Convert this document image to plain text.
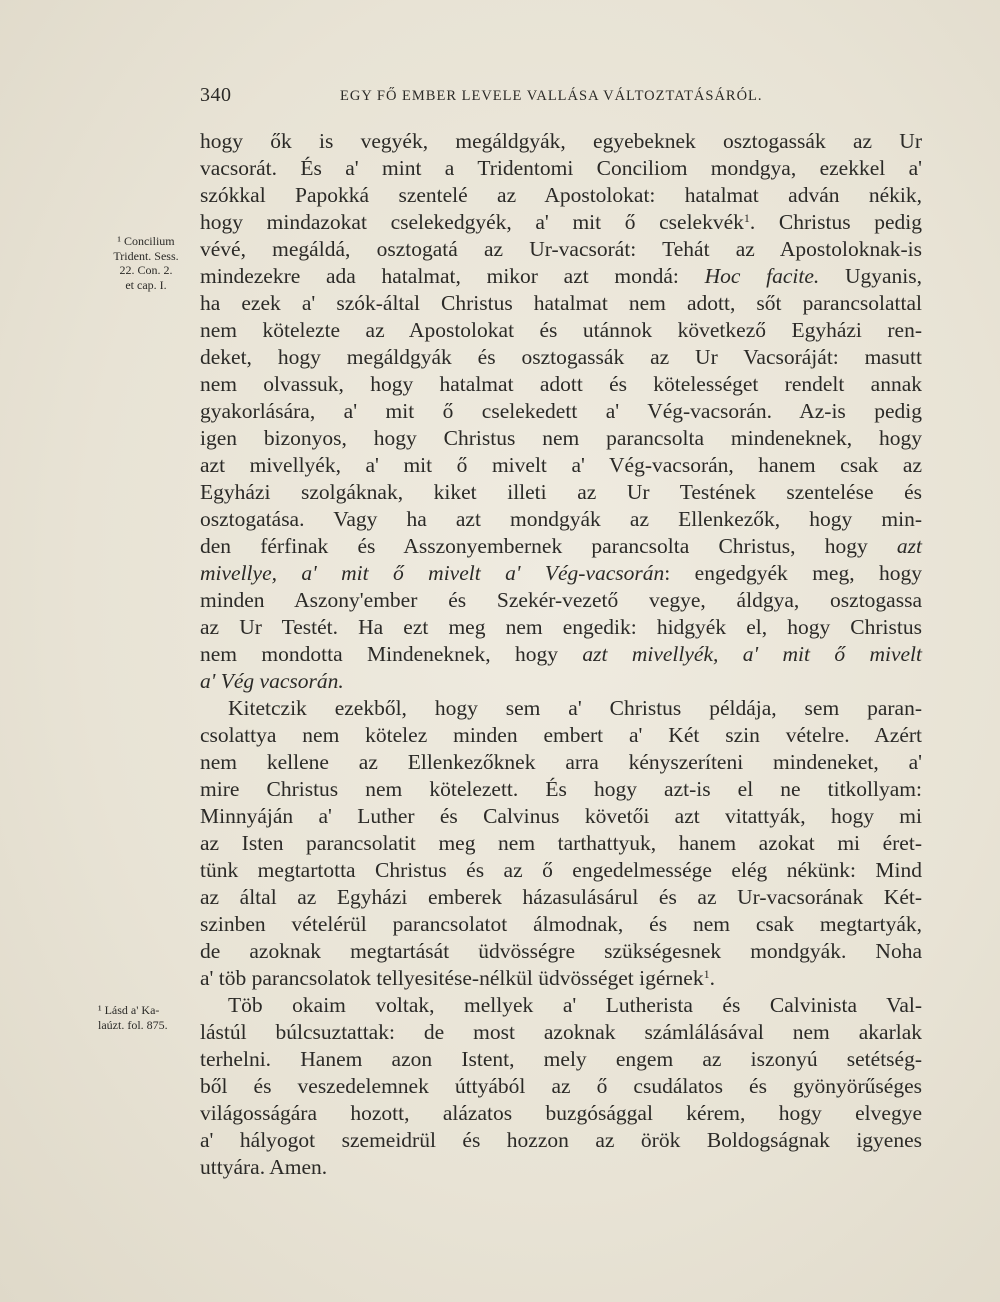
340	EGY FŐ EMBER LEVELE VALLÁSA VÁLTOZTATÁSÁRÓL.
¹ Concilium
Trident. Sess.
22. Con. 2.
et cap. I.
¹ Lásd a' Ka-
laúzt. fol. 875.
hogy ők is vegyék, megáldgyák, egyebeknek osztogassák az Ur
vacsorát. És a' mint a Tridentomi Conciliom mondgya, ezekkel a'
szókkal Papokká szentelé az Apostolokat: hatalmat adván nékik,
hogy mindazokat cselekedgyék, a' mit ő cselekvék$^1$. Christus pedig
vévé, megáldá, osztogatá az Ur-vacsorát: Tehát az Apostoloknak-is
mindezekre ada hatalmat, mikor azt mondá: Hoc facite. Ugyanis,
ha ezek a' szók-által Christus hatalmat nem adott, sőt parancsolattal
nem kötelezte az Apostolokat és utánnok következő Egyházi ren-
deket, hogy megáldgyák és osztogassák az Ur Vacsoráját: masutt
nem olvassuk, hogy hatalmat adott és kötelességet rendelt annak
gyakorlására, a' mit ő cselekedett a' Vég-vacsorán. Az-is pedig
igen bizonyos, hogy Christus nem parancsolta mindeneknek, hogy
azt mivellyék, a' mit ő mivelt a' Vég-vacsorán, hanem csak az
Egyházi szolgáknak, kiket illeti az Ur Testének szentelése és
osztogatása. Vagy ha azt mondgyák az Ellenkezők, hogy min-
den férfinak és Asszonyembernek parancsolta Christus, hogy azt
mivellye, a' mit ő mivelt a' Vég-vacsorán: engedgyék meg, hogy
minden Aszony'ember és Szekér-vezető vegye, áldgya, osztogassa
az Ur Testét. Ha ezt meg nem engedik: hidgyék el, hogy Christus
nem mondotta Mindeneknek, hogy azt mivellyék, a' mit ő mivelt
a' Vég vacsorán.
Kitetczik ezekből, hogy sem a' Christus példája, sem paran-
csolattya nem kötelez minden embert a' Két szin vételre. Azért
nem kellene az Ellenkezőknek arra kényszeríteni mindeneket, a'
mire Christus nem kötelezett. És hogy azt-is el ne titkollyam:
Minnyáján a' Luther és Calvinus követői azt vitattyák, hogy mi
az Isten parancsolatit meg nem tarthattyuk, hanem azokat mi éret-
tünk megtartotta Christus és az ő engedelmessége elég nékünk: Mind
az által az Egyházi emberek házasulásárul és az Ur-vacsorának Két-
szinben vételérül parancsolatot álmodnak, és nem csak megtartyák,
de azoknak megtartását üdvösségre szükségesnek mondgyák. Noha
a' töb parancsolatok tellyesitése-nélkül üdvösséget igérnek$^1$.
Töb okaim voltak, mellyek a' Lutherista és Calvinista Val-
lástúl búlcsuztattak: de most azoknak számlálásával nem akarlak
terhelni. Hanem azon Istent, mely engem az iszonyú setétség-
ből és veszedelemnek úttyából az ő csudálatos és gyönyörűséges
világosságára hozott, alázatos buzgósággal kérem, hogy elvegye
a' hályogot szemeidrül és hozzon az örök Boldogságnak igyenes
uttyára. Amen.
